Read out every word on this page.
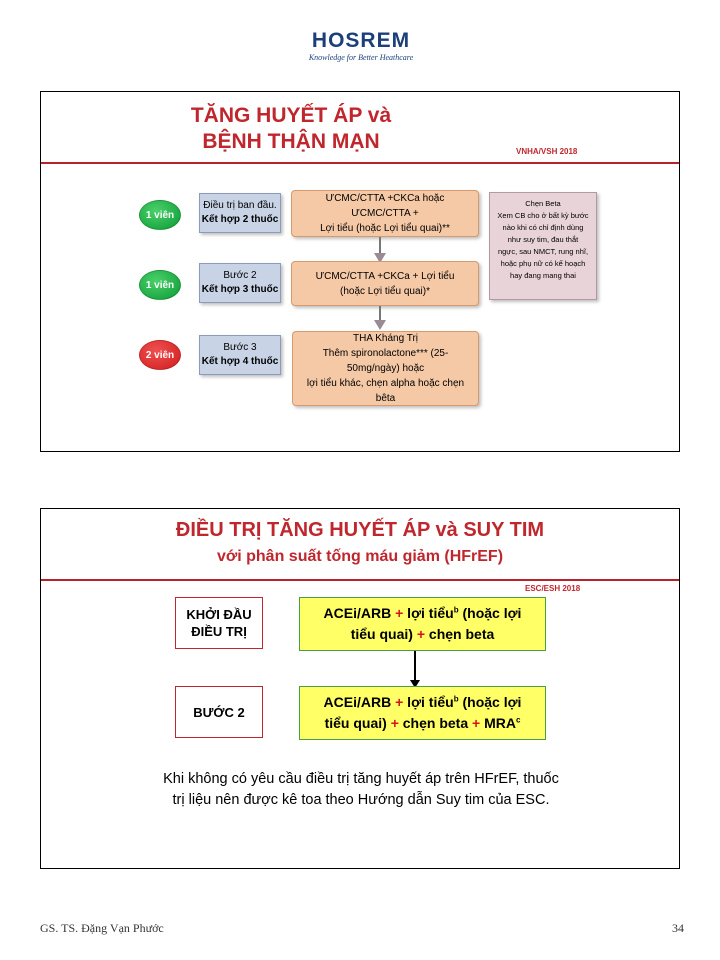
HOSREM
Knowledge for Better Heathcare
TĂNG HUYẾT ÁP và
BỆNH THẬN MẠN	VNHA/VSH 2018
1 viên
Điều trị ban đầu.
Kết hợp 2 thuốc
ƯCMC/CTTA +CKCa hoặc ƯCMC/CTTA +
Lợi tiểu (hoặc Lợi tiểu quai)**
1 viên
Bước 2
Kết hợp 3 thuốc
ƯCMC/CTTA +CKCa + Lợi tiểu
(hoặc Lợi tiểu quai)*
2 viên
Bước 3
Kết hợp 4 thuốc
THA Kháng Trị
Thêm spironolactone*** (25-50mg/ngày) hoặc
lợi tiểu khác, chẹn alpha hoặc chẹn bêta
Chẹn Beta
Xem CB cho ở bất kỳ bước
nào khi có chỉ định dùng
như suy tim, đau thắt
ngực, sau NMCT, rung nhĩ,
hoặc phụ nữ có kế hoạch
hay đang mang thai
ĐIỀU TRỊ TĂNG HUYẾT ÁP và SUY TIM
với phân suất tống máu giảm (HFrEF)
ESC/ESH 2018
KHỞI ĐẦU
ĐIỀU TRỊ
ACEi/ARB + lợi tiểu$^b$ (hoặc lợi
tiểu quai) + chẹn beta
BƯỚC 2
ACEi/ARB + lợi tiểu$^b$ (hoặc lợi
tiểu quai) + chẹn beta + $MRA^c$
Khi không có yêu cầu điều trị tăng huyết áp trên HFrEF, thuốc
trị liệu nên được kê toa theo Hướng dẫn Suy tim của ESC.
GS. TS. Đặng Vạn Phước	34
